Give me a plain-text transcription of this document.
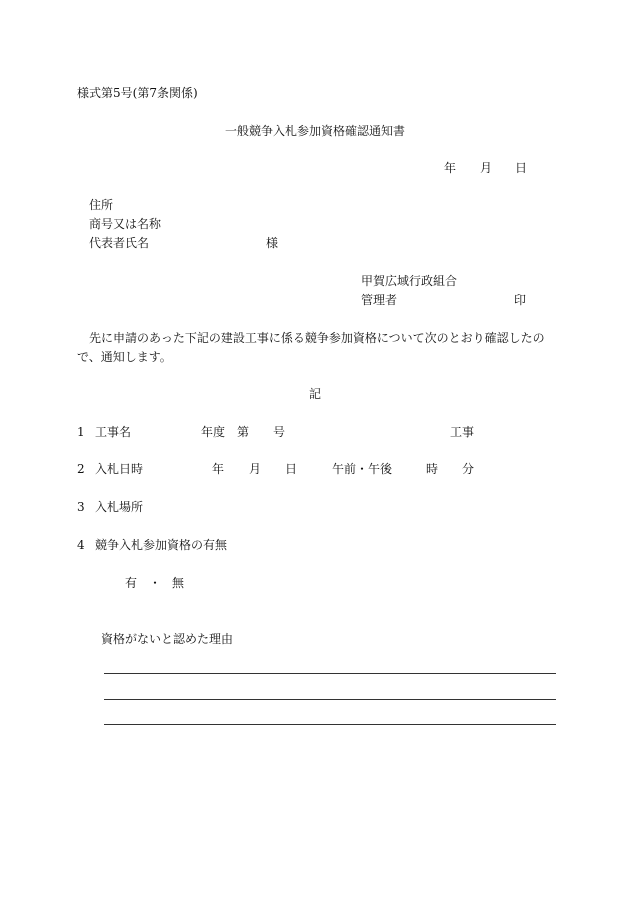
様式第5号(第7条関係)
一般競争入札参加資格確認通知書
年 月 日
住所
商号又は名称
代表者氏名	様
甲賀広域行政組合
管理者	印
先に申請のあった下記の建設工事に係る競争参加資格について次のとおり確認したの
で、通知します。
記
1 工事名	年度 第 号	工事
2 入札日時	年 月 日	午前・午後	時 分
3 入札場所
4 競争入札参加資格の有無
有 ・ 無
資格がないと認めた理由
